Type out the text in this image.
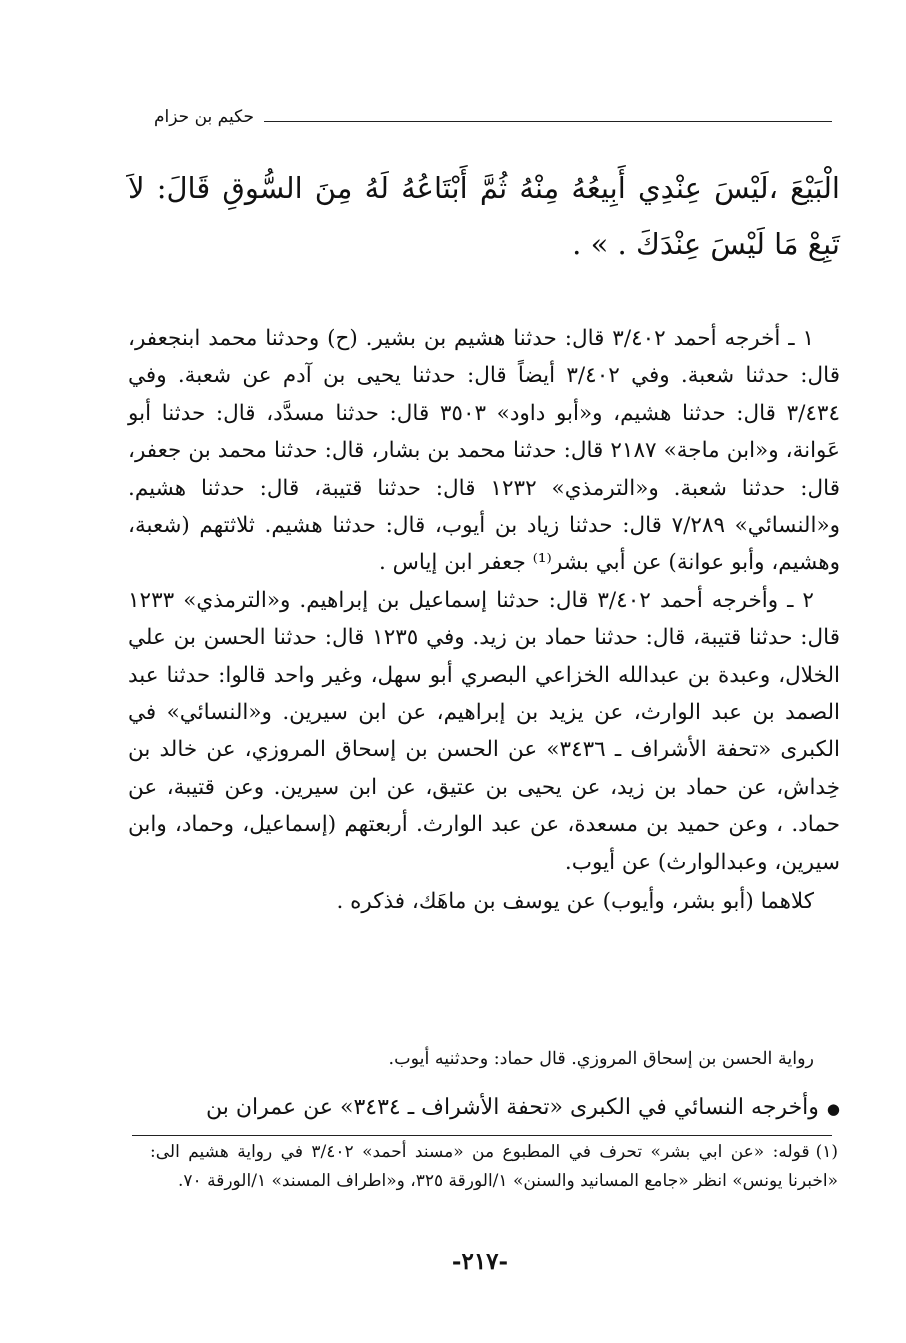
حكيم بن حزام
الْبَيْعَ ،لَيْسَ عِنْدِي أَبِيعُهُ مِنْهُ ثُمَّ أَبْتَاعُهُ لَهُ مِنَ السُّوقِ قَالَ: لاَ تَبِعْ مَا لَيْسَ عِنْدَكَ . » .

١ ـ أخرجه أحمد ٣/٤٠٢ قال: حدثنا هشيم بن بشير. (ح) وحدثنا محمد ابنجعفر، قال: حدثنا شعبة. وفي ٣/٤٠٢ أيضاً قال: حدثنا يحيى بن آدم عن شعبة. وفي ٣/٤٣٤ قال: حدثنا هشيم، و«أبو داود» ٣٥٠٣ قال: حدثنا مسدَّد، قال: حدثنا أبو عَوانة، و«ابن ماجة» ٢١٨٧ قال: حدثنا محمد بن بشار، قال: حدثنا محمد بن جعفر، قال: حدثنا شعبة. و«الترمذي» ١٢٣٢ قال: حدثنا قتيبة، قال: حدثنا هشيم. و«النسائي» ٧/٢٨٩ قال: حدثنا زياد بن أيوب، قال: حدثنا هشيم. ثلاثتهم (شعبة، وهشيم، وأبو عوانة) عن أبي بشر⁽¹⁾ جعفر ابن إياس .

٢ ـ وأخرجه أحمد ٣/٤٠٢ قال: حدثنا إسماعيل بن إبراهيم. و«الترمذي» ١٢٣٣ قال: حدثنا قتيبة، قال: حدثنا حماد بن زيد. وفي ١٢٣٥ قال: حدثنا الحسن بن علي الخلال، وعبدة بن عبدالله الخزاعي البصري أبو سهل، وغير واحد قالوا: حدثنا عبد الصمد بن عبد الوارث، عن يزيد بن إبراهيم، عن ابن سيرين. و«النسائي» في الكبرى «تحفة الأشراف ـ ٣٤٣٦» عن الحسن بن إسحاق المروزي، عن خالد بن خِداش، عن حماد بن زيد، عن يحيى بن عتيق، عن ابن سيرين. وعن قتيبة، عن حماد. ، وعن حميد بن مسعدة، عن عبد الوارث. أربعتهم (إسماعيل، وحماد، وابن سيرين، وعبدالوارث) عن أيوب.

كلاهما (أبو بشر، وأيوب) عن يوسف بن ماهَك، فذكره .

رواية الحسن بن إسحاق المروزي. قال حماد: وحدثنيه أيوب.
●وأخرجه النسائي في الكبرى «تحفة الأشراف ـ ٣٤٣٤» عن عمران بن
(١)قوله: «عن ابي بشر» تحرف في المطبوع من «مسند أحمد» ٣/٤٠٢ في رواية هشيم الى: «اخبرنا يونس» انظر «جامع المسانيد والسنن» ١/الورقة ٣٢٥، و«اطراف المسند» ١/الورقة ٧٠.
-٢١٧-
